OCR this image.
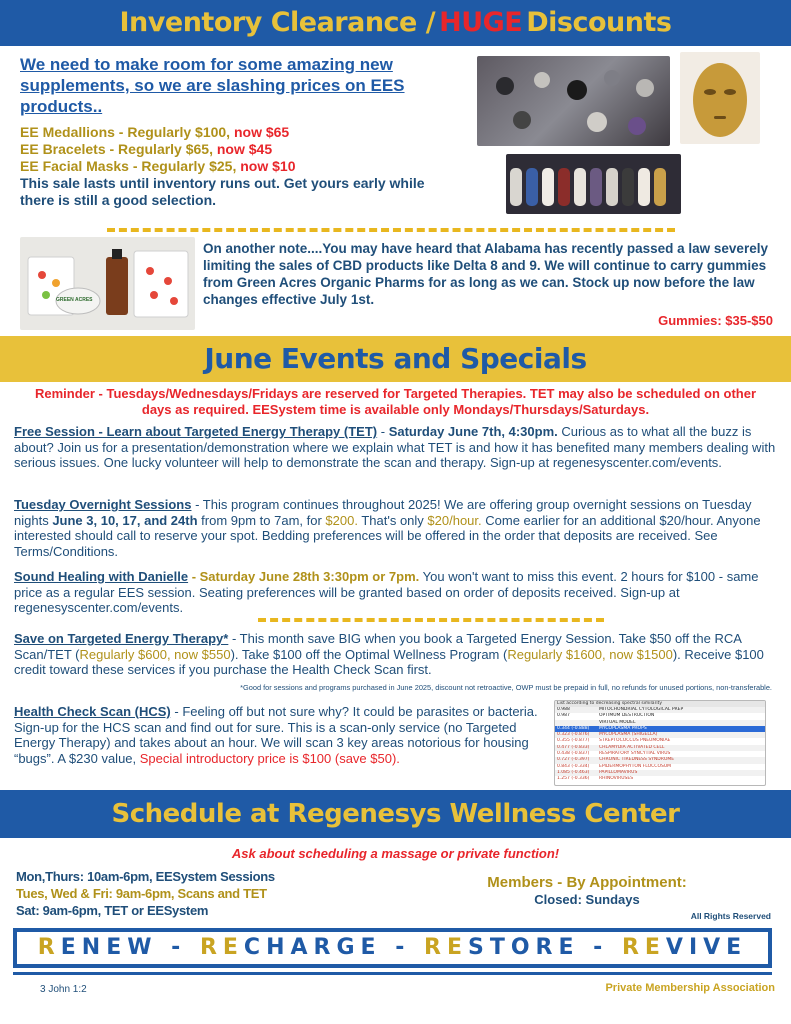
Inventory Clearance /HUGEDiscounts
We need to make room for some amazing new supplements, so we are slashing prices on EES products..
EE Medallions - Regularly $100, now $65
EE Bracelets - Regularly $65, now $45
EE Facial Masks - Regularly $25, now $10
This sale lasts until inventory runs out. Get yours early while there is still a good selection.
GREEN ACRES
On another note....You may have heard that Alabama has recently passed a law severely limiting the sales of CBD products like Delta 8 and 9. We will continue to carry gummies from Green Acres Organic Pharms for as long as we can. Stock up now before the law changes effective July 1st.
Gummies: $35-$50
June Events and Specials
Reminder - Tuesdays/Wednesdays/Fridays are reserved for Targeted Therapies. TET may also be scheduled on other days as required. EESystem time is available only Mondays/Thursdays/Saturdays.
Free Session - Learn about Targeted Energy Therapy (TET) - Saturday June 7th, 4:30pm. Curious as to what all the buzz is about? Join us for a presentation/demonstration where we explain what TET is and how it has benefited many members dealing with serious issues. One lucky volunteer will help to demonstrate the scan and therapy. Sign-up at regenesyscenter.com/events.
Tuesday Overnight Sessions - This program continues throughout 2025! We are offering group overnight sessions on Tuesday nights June 3, 10, 17, and 24th from 9pm to 7am, for $200. That's only $20/hour. Come earlier for an additional $20/hour. Anyone interested should call to reserve your spot. Bedding preferences will be offered in the order that deposits are received. See Terms/Conditions.
Sound Healing with Danielle - Saturday June 28th 3:30pm or 7pm. You won't want to miss this event. 2 hours for $100 - same price as a regular EES session. Seating preferences will be granted based on order of deposits received. Sign-up at regenesyscenter.com/events.
Save on Targeted Energy Therapy* - This month save BIG when you book a Targeted Energy Session. Take $50 off the RCA Scan/TET (Regularly $600, now $550). Take $100 off the Optimal Wellness Program (Regularly $1600, now $1500). Receive $100 credit toward these services if you purchase the Health Check Scan first.
*Good for sessions and programs purchased in June 2025, discount not retroactive, OWP must be prepaid in full, no refunds for unused portions, non-transferable.
Health Check Scan (HCS) - Feeling off but not sure why? It could be parasites or bacteria. Sign-up for the HCS scan and find out for sure. This is a scan-only service (no Targeted Energy Therapy) and takes about an hour. We will scan 3 key areas notorious for housing “bugs”. A $230 value, Special introductory price is $100 (save $50).
List according to decreasing spectral similarity
0.988	MITOCHONDRIAL CYTOLOGICAL PREP
0.987	OPTIMUM DESTRUCTION
VIRTUAL MODEL
0.344 (-0.888)	MYCOPLASMA PROPS
0.323 (-0.876)	MYCOPLASMA (SHIGELLA)
0.355 (-0.877)	STREPTOCOCCUS PNEUMONIAE
0.477 (-0.833)	CHLAMYDIA ACTIVATED CELL
0.438 (-0.837)	RESPIRATORY SYNCYTIAL VIRUS
0.727 (-0.397)	CHRONIC TIREDNESS SYNDROME
0.843 (-0.334)	EPIDERMOPHYTON FLOCCOSUM
1.085 (-0.463)	PAPILLOMAVIRUS
1.257 (-0.336)	RHINOVIRUSES
Schedule at Regenesys Wellness Center
Ask about scheduling a massage or private function!
Mon,Thurs: 10am-6pm, EESystem Sessions
Tues, Wed & Fri: 9am-6pm, Scans and TET
Sat: 9am-6pm, TET or EESystem
Members - By Appointment:
Closed: Sundays
All Rights Reserved
RENEW - RECHARGE - RESTORE - REVIVE
3 John 1:2	Private Membership Association
